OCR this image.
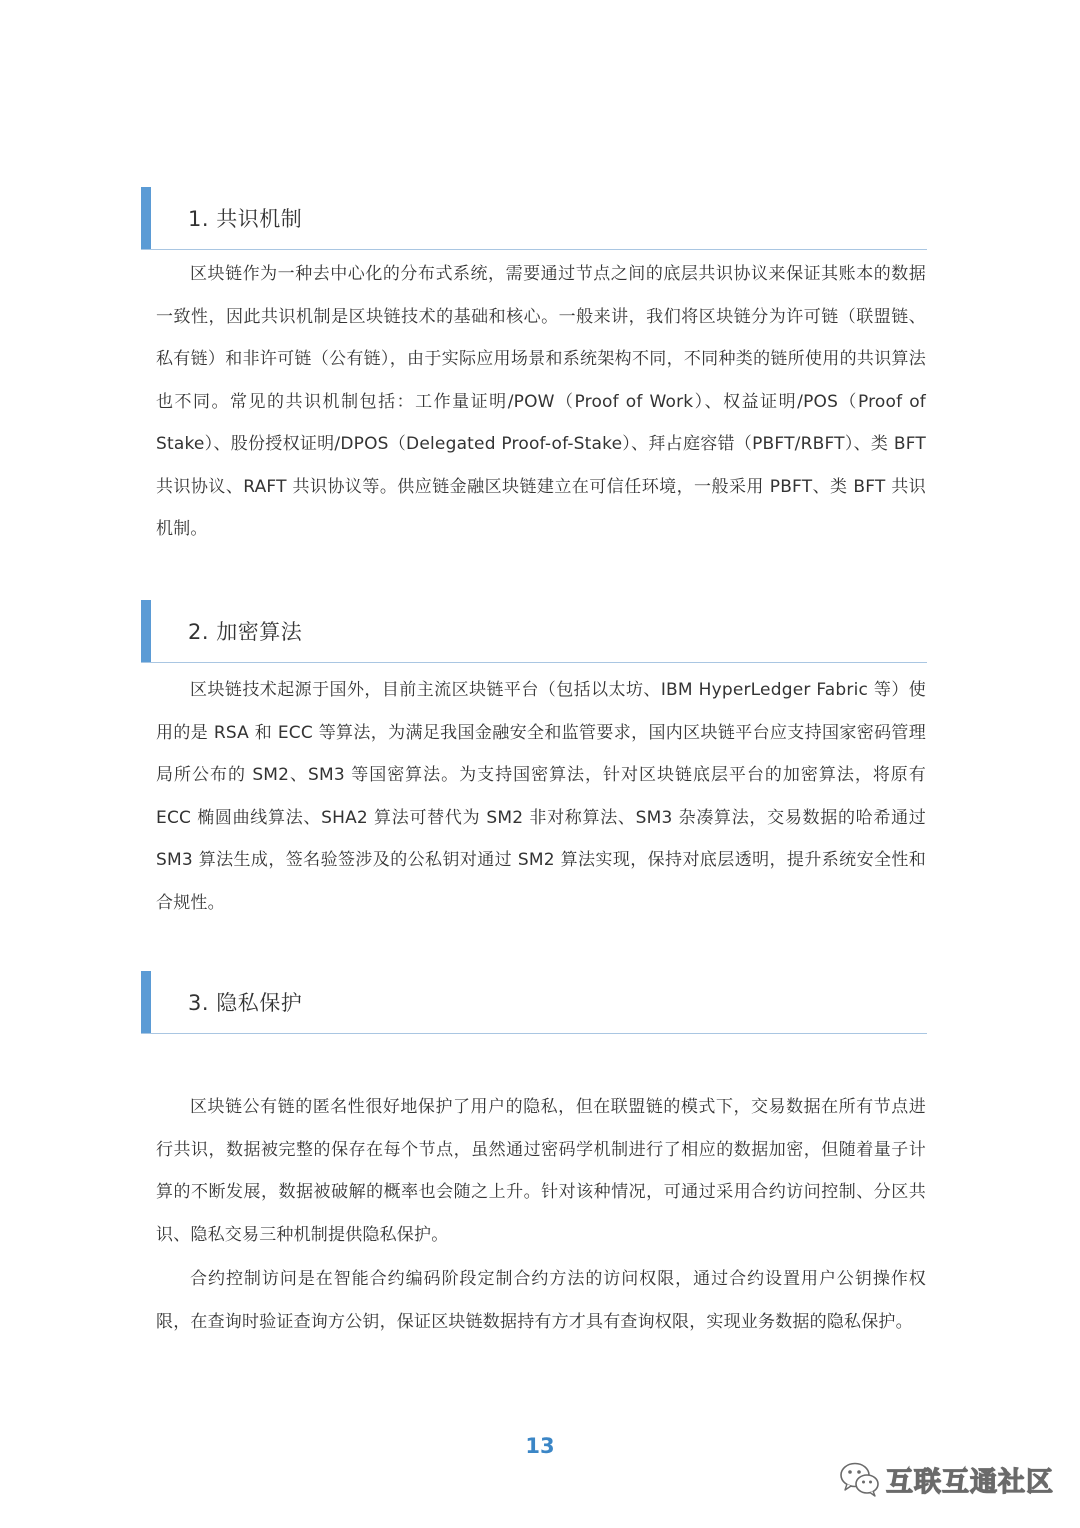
1. 共识机制

区块链作为一种去中心化的分布式系统，需要通过节点之间的底层共识协议来保证其账本的数据一致性，因此共识机制是区块链技术的基础和核心。一般来讲，我们将区块链分为许可链（联盟链、私有链）和非许可链（公有链），由于实际应用场景和系统架构不同，不同种类的链所使用的共识算法也不同。常见的共识机制包括：工作量证明/POW（Proof of Work）、权益证明/POS（Proof of Stake）、股份授权证明/DPOS（Delegated Proof-of-Stake）、拜占庭容错（PBFT/RBFT）、类 BFT 共识协议、RAFT 共识协议等。供应链金融区块链建立在可信任环境，一般采用 PBFT、类 BFT 共识机制。

2. 加密算法

区块链技术起源于国外，目前主流区块链平台（包括以太坊、IBM HyperLedger Fabric 等）使用的是 RSA 和 ECC 等算法，为满足我国金融安全和监管要求，国内区块链平台应支持国家密码管理局所公布的 SM2、SM3 等国密算法。为支持国密算法，针对区块链底层平台的加密算法，将原有 ECC 椭圆曲线算法、SHA2 算法可替代为 SM2 非对称算法、SM3 杂凑算法，交易数据的哈希通过 SM3 算法生成，签名验签涉及的公私钥对通过 SM2 算法实现，保持对底层透明，提升系统安全性和合规性。

3. 隐私保护

区块链公有链的匿名性很好地保护了用户的隐私，但在联盟链的模式下，交易数据在所有节点进行共识，数据被完整的保存在每个节点，虽然通过密码学机制进行了相应的数据加密，但随着量子计算的不断发展，数据被破解的概率也会随之上升。针对该种情况，可通过采用合约访问控制、分区共识、隐私交易三种机制提供隐私保护。

合约控制访问是在智能合约编码阶段定制合约方法的访问权限，通过合约设置用户公钥操作权限，在查询时验证查询方公钥，保证区块链数据持有方才具有查询权限，实现业务数据的隐私保护。

13
互联互通社区
